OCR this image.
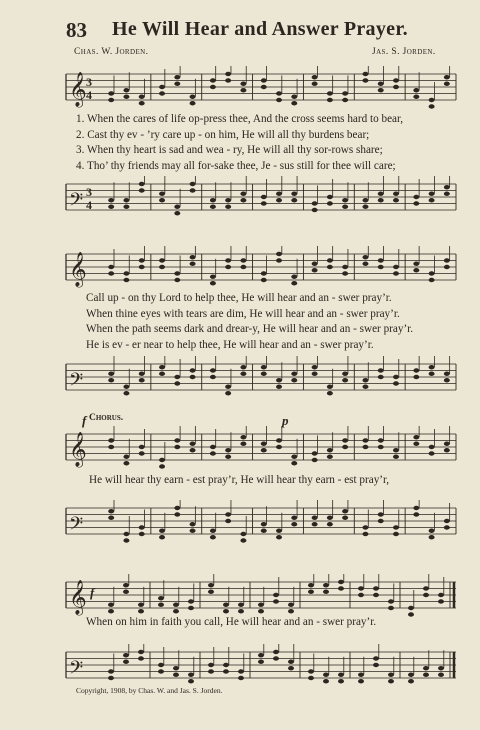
83 He Will Hear and Answer Prayer.
Chas. W. Jorden.	Jas. S. Jorden.
𝄞 3
4
1. When the cares of life op-press thee, And the cross seems hard to bear,
2. Cast thy ev - ’ry care up - on him, He will all thy burdens bear;
3. When thy heart is sad and wea - ry, He will all thy sor-rows share;
4. Tho’ thy friends may all for-sake thee, Je - sus still for thee will care;
𝄢 3
4
𝄞
Call up - on thy Lord to help thee, He will hear and an - swer pray’r.
When thine eyes with tears are dim, He will hear and an - swer pray’r.
When the path seems dark and drear-y, He will hear and an - swer pray’r.
He is ev - er near to help thee, He will hear and an - swer pray’r.
𝄢
f Chorus.	p
𝄞
He will hear thy earn - est pray’r, He will hear thy earn - est pray’r,
𝄢
f
𝄞
When on him in faith you call, He will hear and an - swer pray’r.
𝄢
Copyright, 1908, by Chas. W. and Jas. S. Jorden.
